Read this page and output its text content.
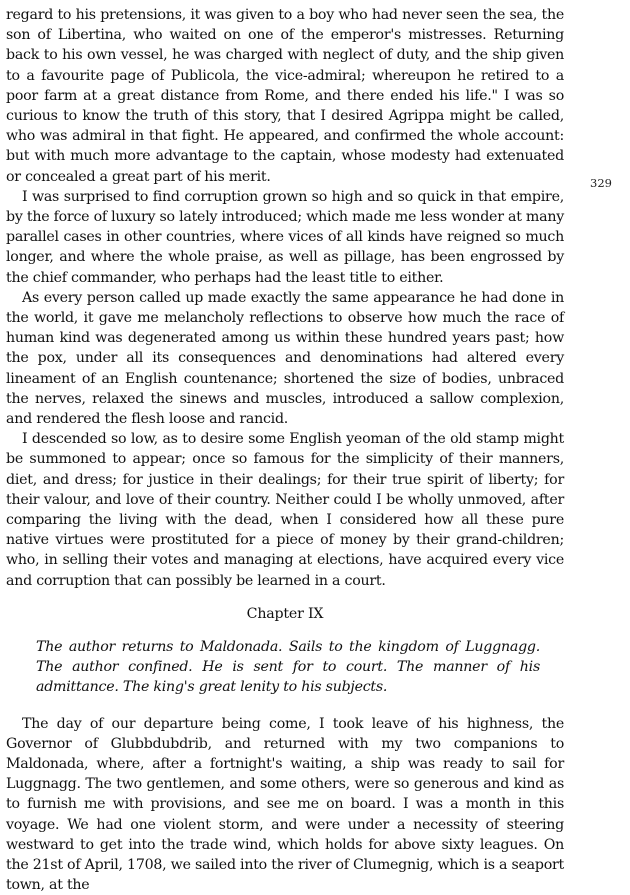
regard to his pretensions, it was given to a boy who had never seen the sea, the son of Libertina, who waited on one of the emperor's mistresses. Returning back to his own vessel, he was charged with neglect of duty, and the ship given to a favourite page of Publicola, the vice-admiral; whereupon he retired to a poor farm at a great distance from Rome, and there ended his life." I was so curious to know the truth of this story, that I desired Agrippa might be called, who was admiral in that fight. He appeared, and confirmed the whole account: but with much more advantage to the captain, whose modesty had extenuated or concealed a great part of his merit.

I was surprised to find corruption grown so high and so quick in that empire, by the force of luxury so lately introduced; which made me less wonder at many parallel cases in other countries, where vices of all kinds have reigned so much longer, and where the whole praise, as well as pillage, has been engrossed by the chief commander, who perhaps had the least title to either.

As every person called up made exactly the same appearance he had done in the world, it gave me melancholy reflections to observe how much the race of human kind was degenerated among us within these hundred years past; how the pox, under all its consequences and denominations had altered every lineament of an English countenance; shortened the size of bodies, unbraced the nerves, relaxed the sinews and muscles, introduced a sallow complexion, and rendered the flesh loose and rancid.

I descended so low, as to desire some English yeoman of the old stamp might be summoned to appear; once so famous for the simplicity of their manners, diet, and dress; for justice in their dealings; for their true spirit of liberty; for their valour, and love of their country. Neither could I be wholly unmoved, after comparing the living with the dead, when I considered how all these pure native virtues were prostituted for a piece of money by their grand-children; who, in selling their votes and managing at elections, have acquired every vice and corruption that can possibly be learned in a court.

Chapter IX

The author returns to Maldonada. Sails to the kingdom of Luggnagg. The author confined. He is sent for to court. The manner of his admittance. The king's great lenity to his subjects.

The day of our departure being come, I took leave of his highness, the Governor of Glubbdubdrib, and returned with my two companions to Maldonada, where, after a fortnight's waiting, a ship was ready to sail for Luggnagg. The two gentlemen, and some others, were so generous and kind as to furnish me with provisions, and see me on board. I was a month in this voyage. We had one violent storm, and were under a necessity of steering westward to get into the trade wind, which holds for above sixty leagues. On the 21st of April, 1708, we sailed into the river of Clumegnig, which is a seaport town, at the

329
